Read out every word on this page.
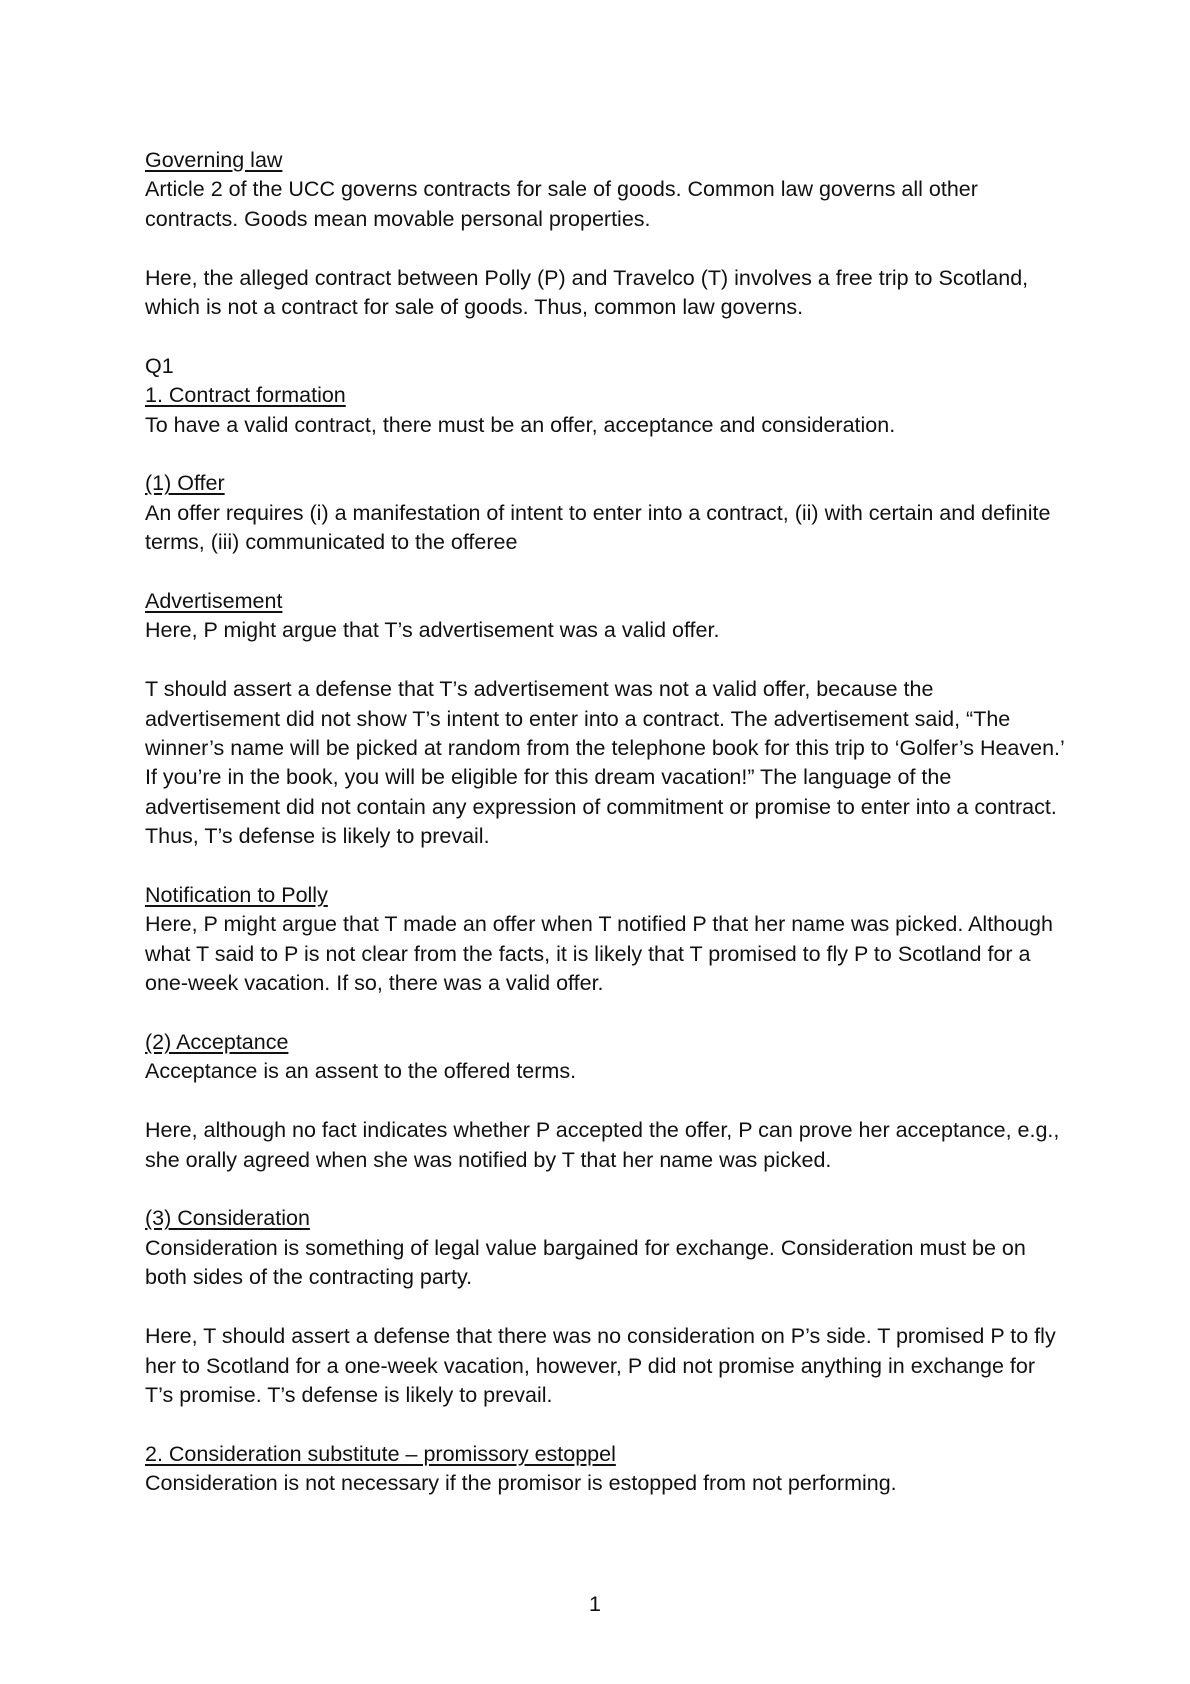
Governing law

Article 2 of the UCC governs contracts for sale of goods. Common law governs all other contracts. Goods mean movable personal properties.

Here, the alleged contract between Polly (P) and Travelco (T) involves a free trip to Scotland, which is not a contract for sale of goods. Thus, common law governs.

Q1

1. Contract formation

To have a valid contract, there must be an offer, acceptance and consideration.

(1) Offer

An offer requires (i) a manifestation of intent to enter into a contract, (ii) with certain and definite terms, (iii) communicated to the offeree

Advertisement

Here, P might argue that T’s advertisement was a valid offer.

T should assert a defense that T’s advertisement was not a valid offer, because the advertisement did not show T’s intent to enter into a contract. The advertisement said, “The winner’s name will be picked at random from the telephone book for this trip to ‘Golfer’s Heaven.’ If you’re in the book, you will be eligible for this dream vacation!” The language of the advertisement did not contain any expression of commitment or promise to enter into a contract. Thus, T’s defense is likely to prevail.

Notification to Polly

Here, P might argue that T made an offer when T notified P that her name was picked. Although what T said to P is not clear from the facts, it is likely that T promised to fly P to Scotland for a one-week vacation. If so, there was a valid offer.

(2) Acceptance

Acceptance is an assent to the offered terms.

Here, although no fact indicates whether P accepted the offer, P can prove her acceptance, e.g., she orally agreed when she was notified by T that her name was picked.

(3) Consideration

Consideration is something of legal value bargained for exchange. Consideration must be on both sides of the contracting party.

Here, T should assert a defense that there was no consideration on P’s side. T promised P to fly her to Scotland for a one-week vacation, however, P did not promise anything in exchange for T’s promise. T’s defense is likely to prevail.

2. Consideration substitute – promissory estoppel

Consideration is not necessary if the promisor is estopped from not performing.

1
